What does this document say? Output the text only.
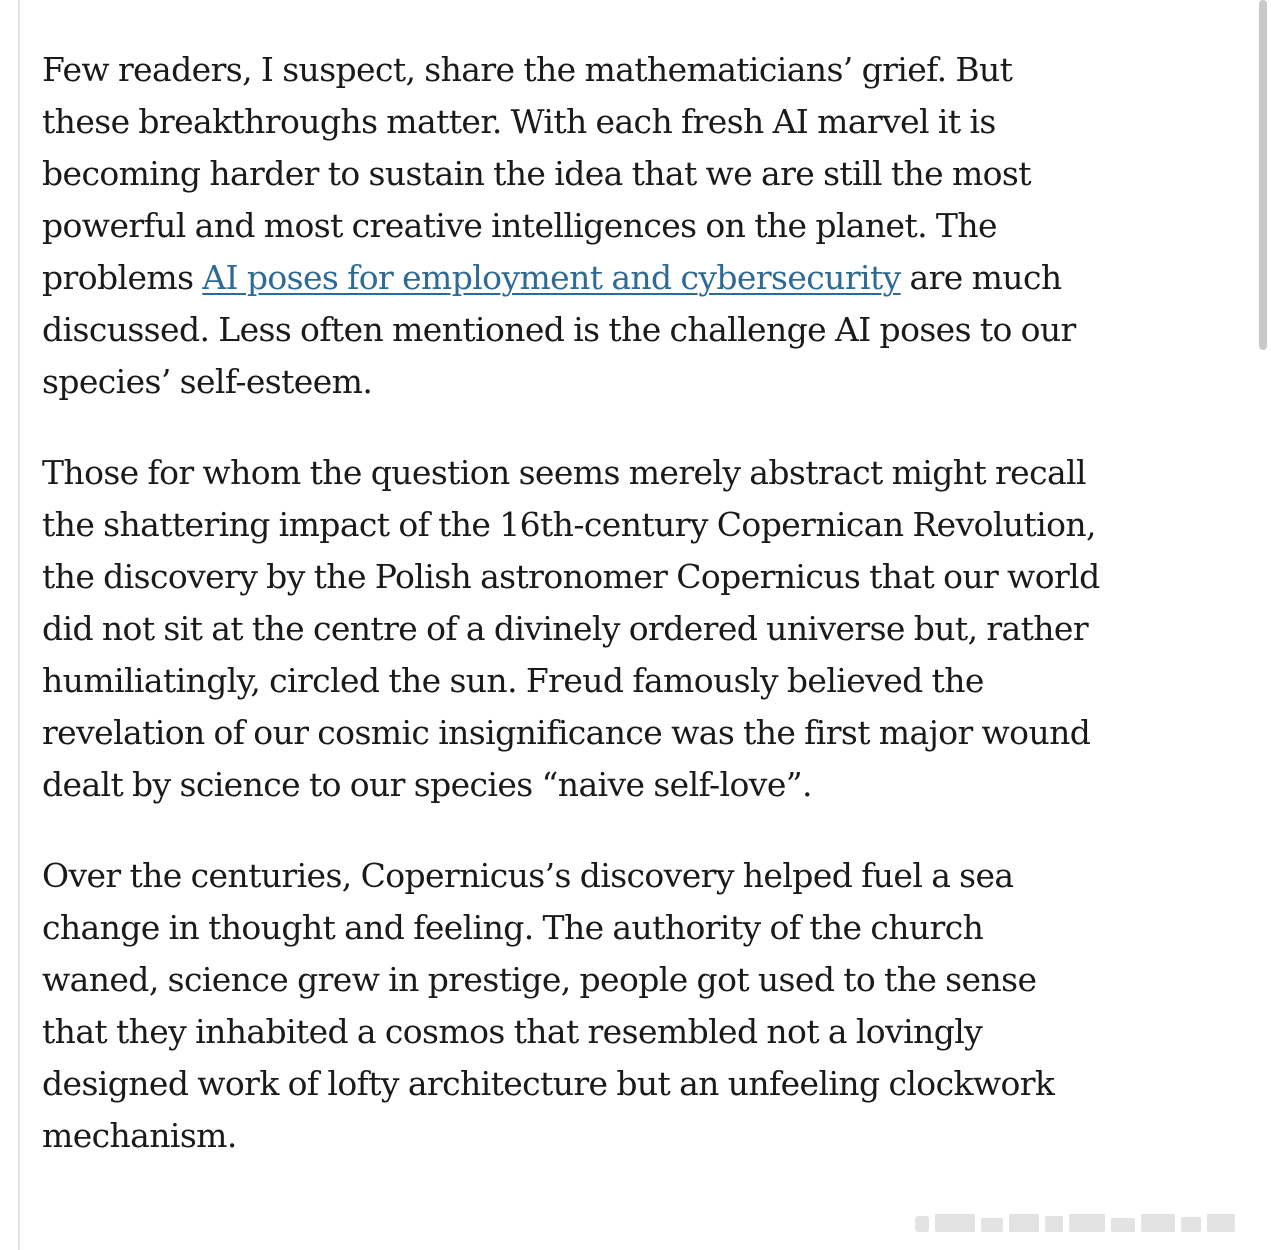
Few readers, I suspect, share the mathematicians’ grief. But these breakthroughs matter. With each fresh AI marvel it is becoming harder to sustain the idea that we are still the most powerful and most creative intelligences on the planet. The problems AI poses for employment and cybersecurity are much discussed. Less often mentioned is the challenge AI poses to our species’ self-esteem.

Those for whom the question seems merely abstract might recall the shattering impact of the 16th-century Copernican Revolution, the discovery by the Polish astronomer Copernicus that our world did not sit at the centre of a divinely ordered universe but, rather humiliatingly, circled the sun. Freud famously believed the revelation of our cosmic insignificance was the first major wound dealt by science to our species “naive self-love”.

Over the centuries, Copernicus’s discovery helped fuel a sea change in thought and feeling. The authority of the church waned, science grew in prestige, people got used to the sense that they inhabited a cosmos that resembled not a lovingly designed work of lofty architecture but an unfeeling clockwork mechanism.
